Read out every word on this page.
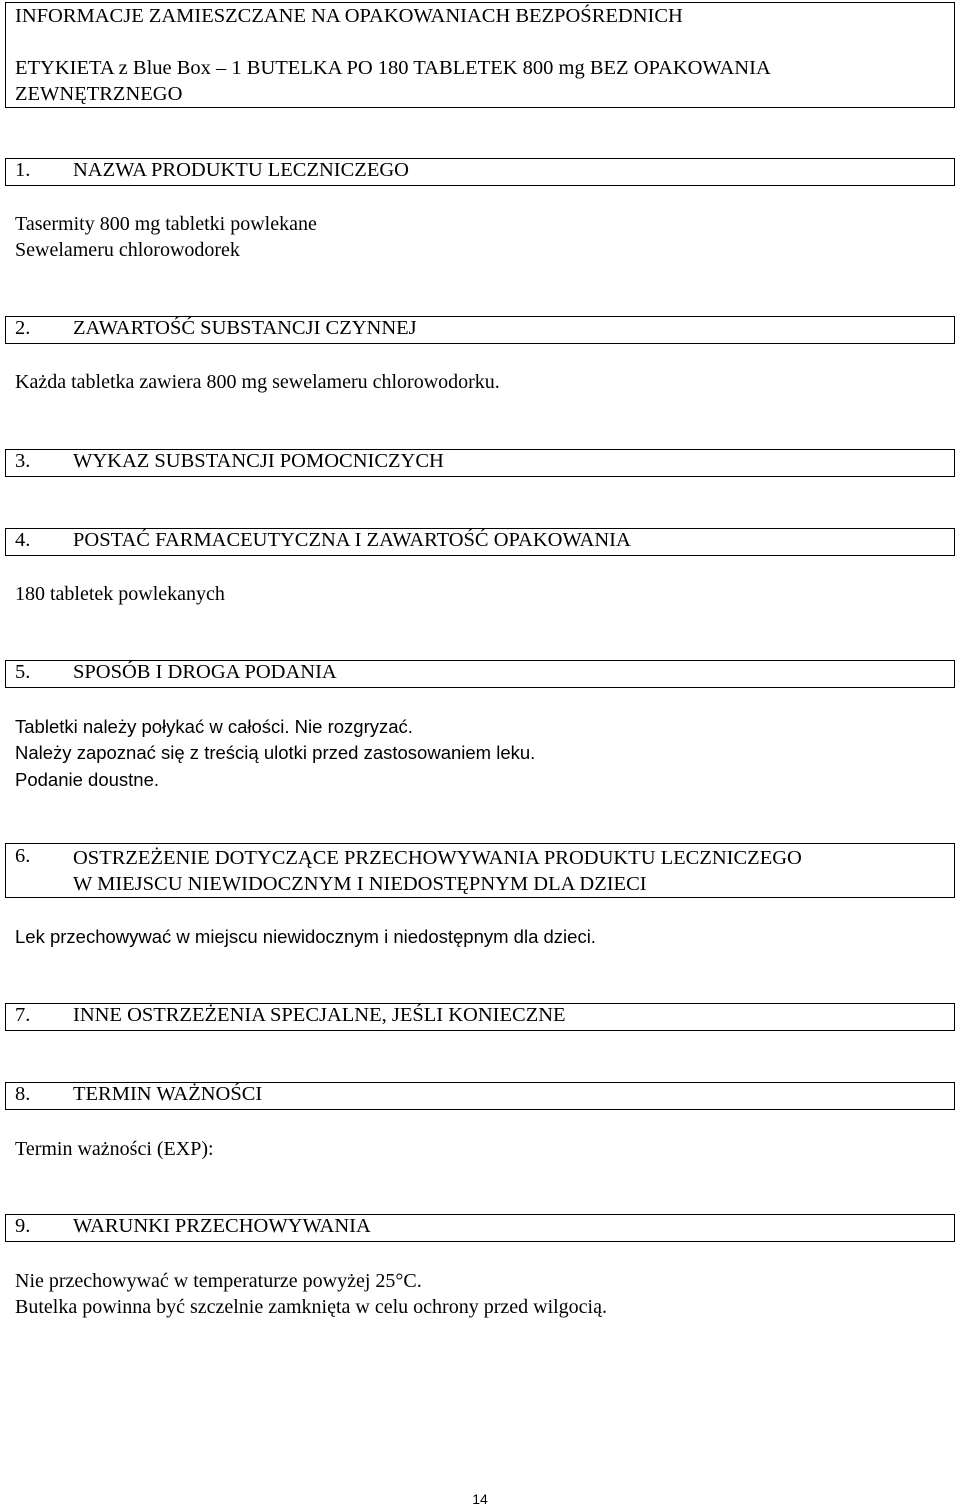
INFORMACJE ZAMIESZCZANE NA OPAKOWANIACH BEZPOŚREDNICH
ETYKIETA z Blue Box – 1 BUTELKA PO 180 TABLETEK 800 mg BEZ OPAKOWANIA
ZEWNĘTRZNEGO
1.	NAZWA PRODUKTU LECZNICZEGO
Tasermity 800 mg tabletki powlekane
Sewelameru chlorowodorek
2.	ZAWARTOŚĆ SUBSTANCJI CZYNNEJ
Każda tabletka zawiera 800 mg sewelameru chlorowodorku.
3.	WYKAZ SUBSTANCJI POMOCNICZYCH
4.	POSTAĆ FARMACEUTYCZNA I ZAWARTOŚĆ OPAKOWANIA
180 tabletek powlekanych
5.	SPOSÓB I DROGA PODANIA
Tabletki należy połykać w całości. Nie rozgryzać.
Należy zapoznać się z treścią ulotki przed zastosowaniem leku.
Podanie doustne.
6.	OSTRZEŻENIE DOTYCZĄCE PRZECHOWYWANIA PRODUKTU LECZNICZEGO
W MIEJSCU NIEWIDOCZNYM I NIEDOSTĘPNYM DLA DZIECI
Lek przechowywać w miejscu niewidocznym i niedostępnym dla dzieci.
7.	INNE OSTRZEŻENIA SPECJALNE, JEŚLI KONIECZNE
8.	TERMIN WAŻNOŚCI
Termin ważności (EXP):
9.	WARUNKI PRZECHOWYWANIA
Nie przechowywać w temperaturze powyżej 25°C.
Butelka powinna być szczelnie zamknięta w celu ochrony przed wilgocią.
14
